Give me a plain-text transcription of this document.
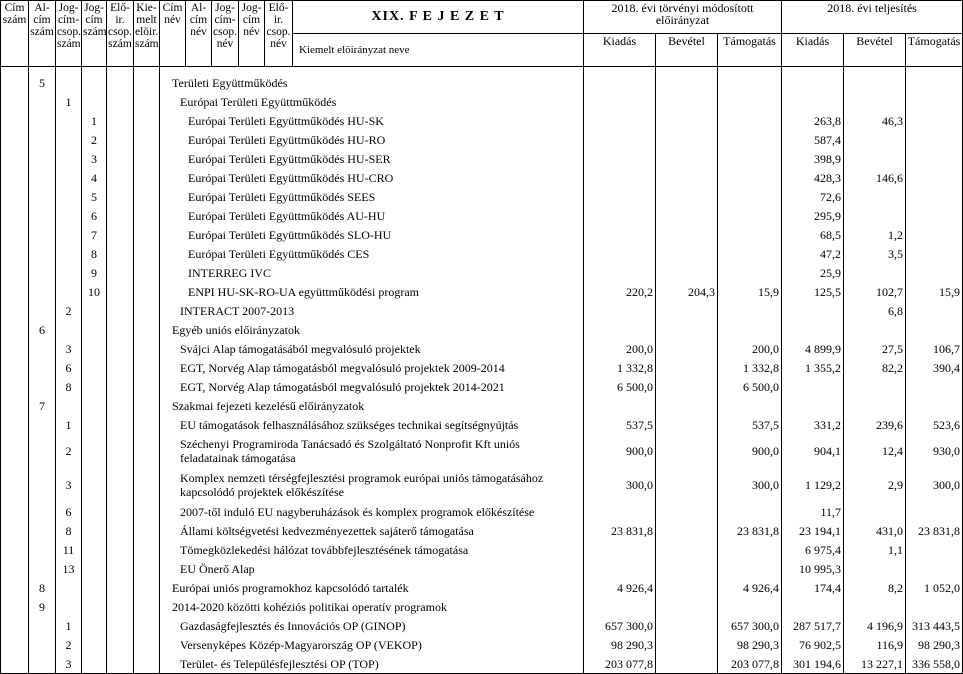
Cím szám	Al-cím szám	Jog-cím-csop. szám	Jog-cím szám	Elő-ir. csop. szám	Kie-melt elöir. szám	Cím név	Al-cím név	Jog-cím-csop. név	Jog-cím név	Elő-ir. csop. név	XIX. F E J E Z E T	2018. évi törvényi módosított előirányzat			2018. évi teljesítés		
											Kiemelt elöirányzat neve	Kiadás	Bevétel	Támogatás	Kiadás	Bevétel	Támogatás
	5					Területi Együttműködés											
		1				Európai Területi Együttműködés											
			1			Európai Területi Együttműködés HU-SK									263,8	46,3	
			2			Európai Területi Együttműködés HU-RO									587,4		
			3			Európai Területi Együttműködés HU-SER									398,9		
			4			Európai Területi Együttműködés HU-CRO									428,3	146,6	
			5			Európai Területi Együttműködés SEES									72,6		
			6			Európai Területi Együttműködés AU-HU									295,9		
			7			Európai Területi Együttműködés SLO-HU									68,5	1,2	
			8			Európai Területi Együttműködés CES									47,2	3,5	
			9			INTERREG IVC									25,9		
			10			ENPI HU-SK-RO-UA együttműködési program						220,2	204,3	15,9	125,5	102,7	15,9
		2				INTERACT 2007-2013										6,8	
	6					Egyéb uniós előirányzatok											
		3				Svájci Alap támogatásából megvalósuló projektek						200,0		200,0	4 899,9	27,5	106,7
		6				EGT, Norvég Alap támogatásból megvalósuló projektek 2009-2014						1 332,8		1 332,8	1 355,2	82,2	390,4
		8				EGT, Norvég Alap támogatásból megvalósuló projektek 2014-2021						6 500,0		6 500,0			
	7					Szakmai fejezeti kezelésű előirányzatok											
		1				EU támogatások felhasználásához szükséges technikai segítségnyújtás						537,5		537,5	331,2	239,6	523,6
		2				Széchenyi Programiroda Tanácsadó és Szolgáltató Nonprofit Kft uniós feladatainak támogatása						900,0		900,0	904,1	12,4	930,0
		3				Komplex nemzeti térségfejlesztési programok európai uniós támogatásához kapcsolódó projektek előkészítése						300,0		300,0	1 129,2	2,9	300,0
		6				2007-től induló EU nagyberuházások és komplex programok előkészítése									11,7		
		8				Állami költségvetési kedvezményezettek sajáterő támogatása						23 831,8		23 831,8	23 194,1	431,0	23 831,8
		11				Tömegközlekedési hálózat továbbfejlesztésének támogatása									6 975,4	1,1	
		13				EU Önerő Alap									10 995,3		
	8					Európai uniós programokhoz kapcsolódó tartalék						4 926,4		4 926,4	174,4	8,2	1 052,0
	9					2014-2020 közötti kohéziós politikai operatív programok											
		1				Gazdaságfejlesztés és Innovációs OP (GINOP)						657 300,0		657 300,0	287 517,7	4 196,9	313 443,5
		2				Versenyképes Közép-Magyarország OP (VEKOP)						98 290,3		98 290,3	76 902,5	116,9	98 290,3
		3				Terület- és Településfejlesztési OP (TOP)						203 077,8		203 077,8	301 194,6	13 227,1	336 558,0
